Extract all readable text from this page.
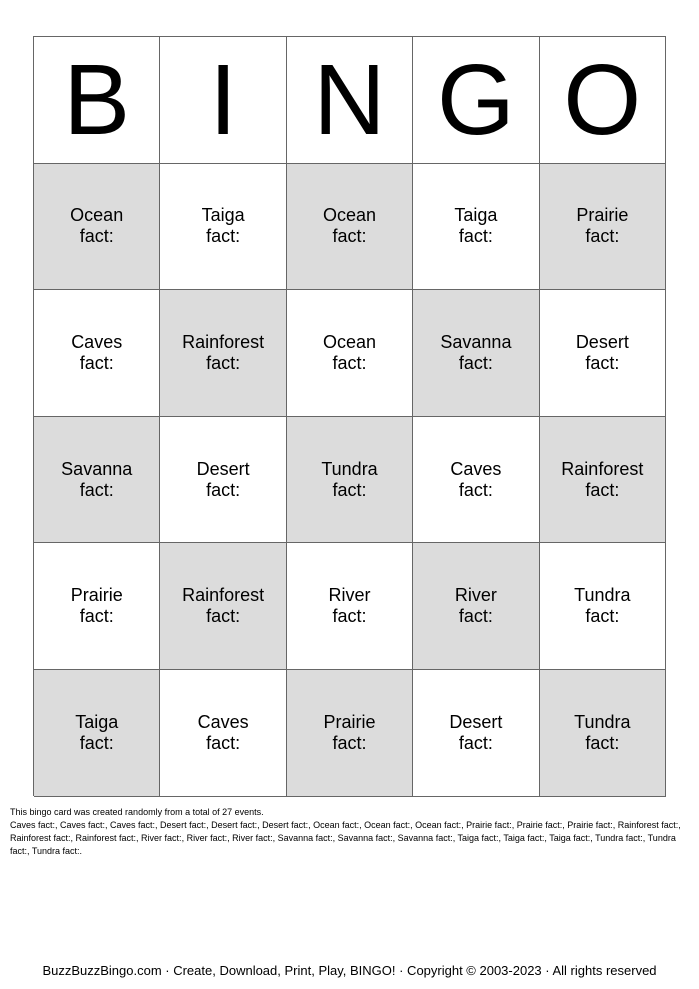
B I N G O
Ocean
fact:
Taiga
fact:
Ocean
fact:
Taiga
fact:
Prairie
fact:
Caves
fact:
Rainforest
fact:
Ocean
fact:
Savanna
fact:
Desert
fact:
Savanna
fact:
Desert
fact:
Tundra
fact:
Caves
fact:
Rainforest
fact:
Prairie
fact:
Rainforest
fact:
River
fact:
River
fact:
Tundra
fact:
Taiga
fact:
Caves
fact:
Prairie
fact:
Desert
fact:
Tundra
fact:
This bingo card was created randomly from a total of 27 events.
Caves fact:, Caves fact:, Caves fact:, Desert fact:, Desert fact:, Desert fact:, Ocean fact:, Ocean fact:, Ocean fact:, Prairie fact:, Prairie fact:, Prairie fact:, Rainforest fact:, Rainforest fact:, Rainforest fact:, River fact:, River fact:, River fact:, Savanna fact:, Savanna fact:, Savanna fact:, Taiga fact:, Taiga fact:, Taiga fact:, Tundra fact:, Tundra fact:, Tundra fact:.
BuzzBuzzBingo.com · Create, Download, Print, Play, BINGO! · Copyright © 2003-2023 · All rights reserved
